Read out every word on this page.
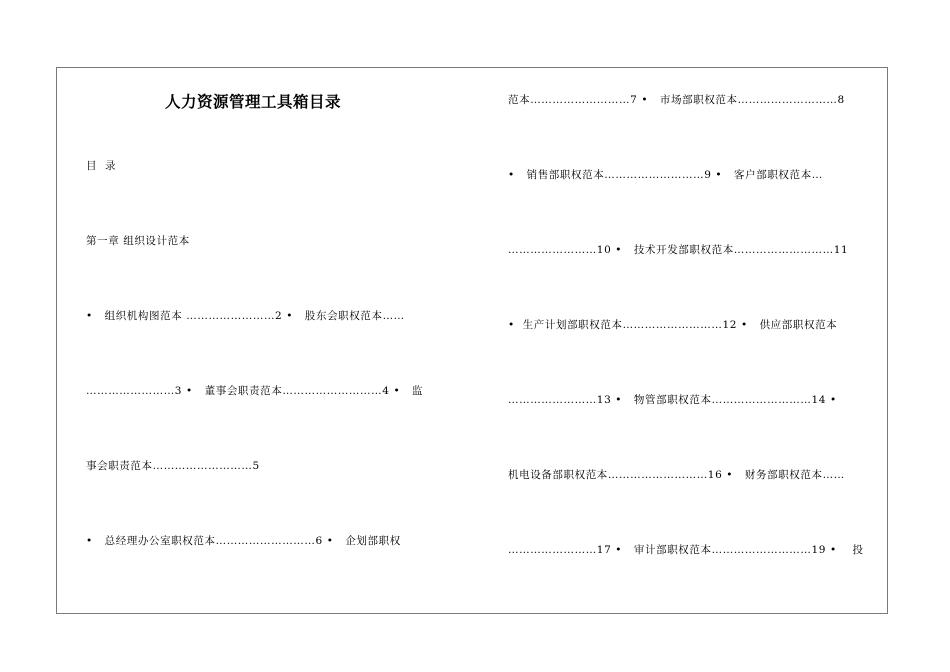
人力资源管理工具箱目录
目  录
第一章 组织设计范本
•   组织机构图范本 ……………………2 •   股东会职权范本……
……………………3 •   董事会职责范本………………………4 •   监
事会职责范本………………………5
•   总经理办公室职权范本………………………6 •   企划部职权
范本………………………7 •   市场部职权范本………………………8
•   销售部职权范本………………………9 •   客户部职权范本…
……………………10 •   技术开发部职权范本………………………11
•  生产计划部职权范本………………………12 •   供应部职权范本
……………………13 •   物管部职权范本………………………14 •
机电设备部职权范本………………………16 •   财务部职权范本……
……………………17 •   审计部职权范本………………………19 •    投
